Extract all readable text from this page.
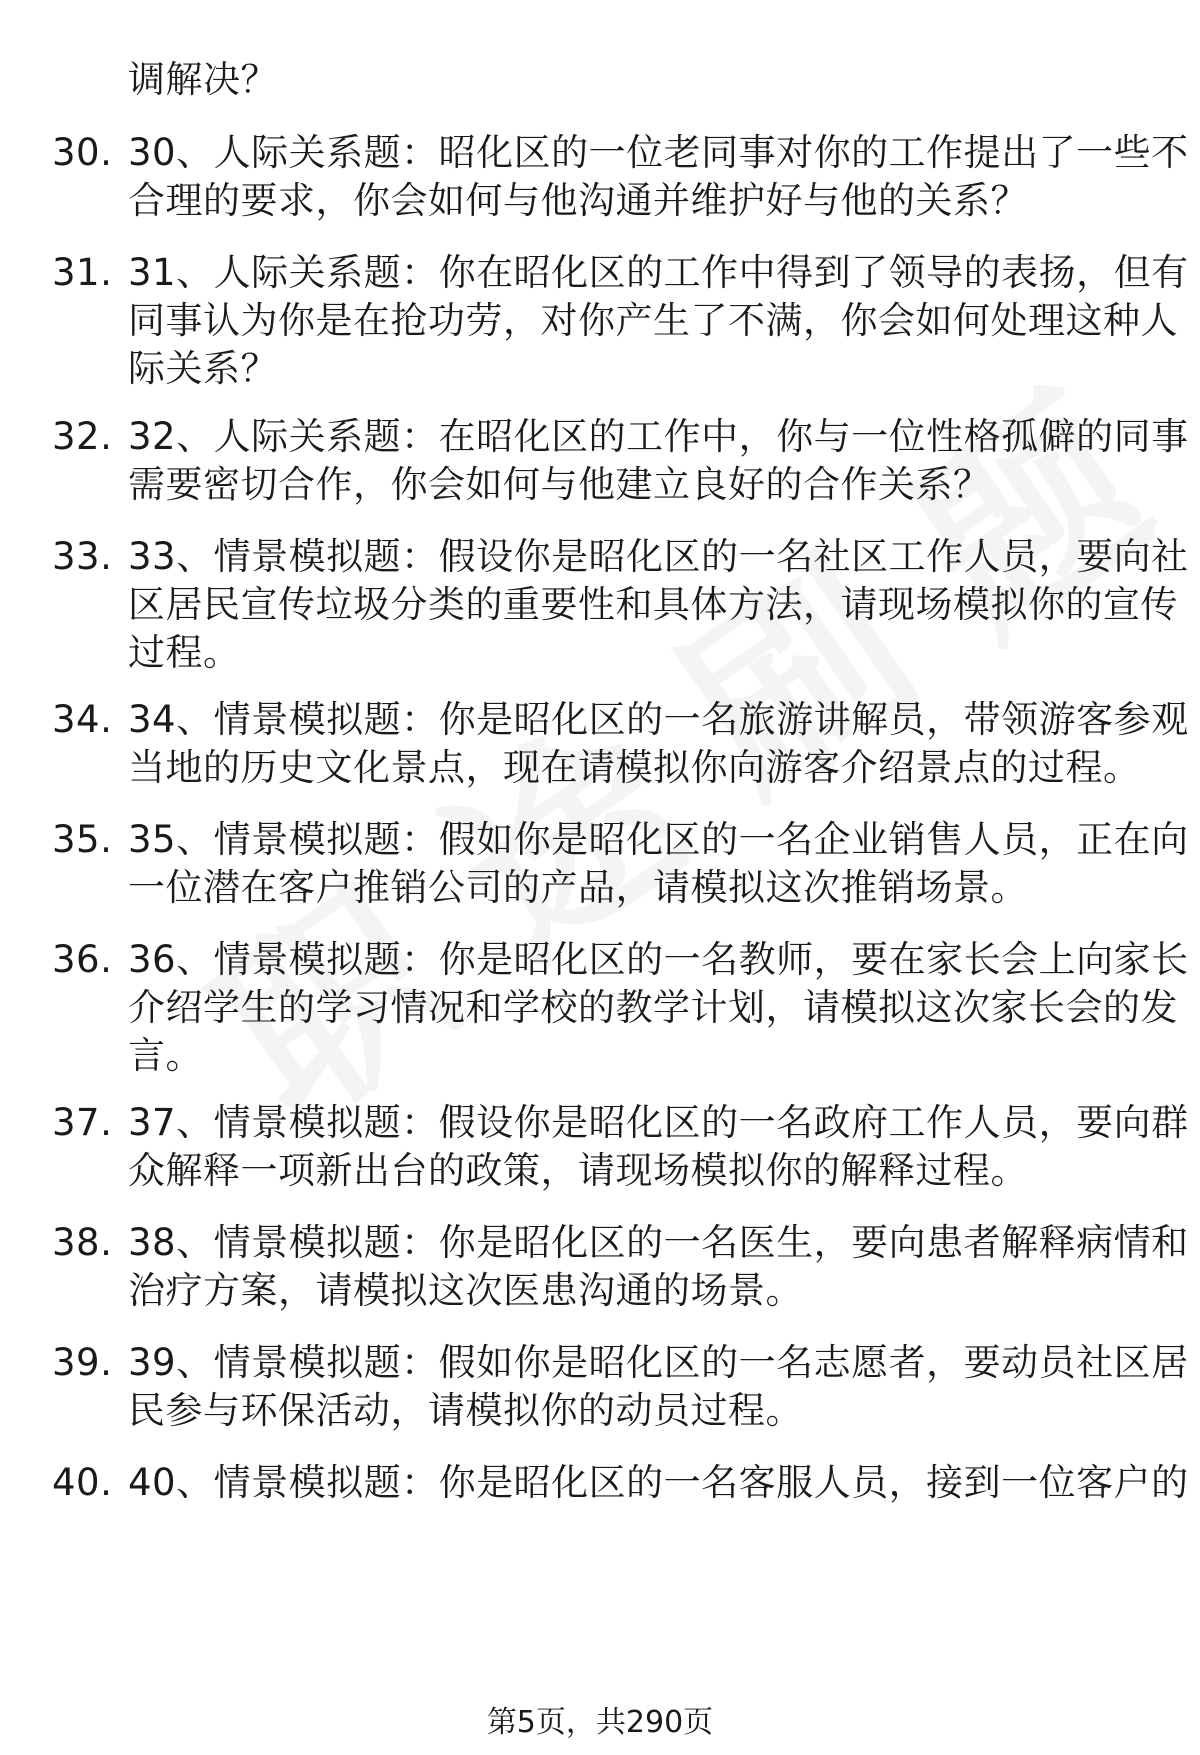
调解决？
30. 30、人际关系题：昭化区的一位老同事对你的工作提出了一些不
合理的要求，你会如何与他沟通并维护好与他的关系？
31. 31、人际关系题：你在昭化区的工作中得到了领导的表扬，但有
同事认为你是在抢功劳，对你产生了不满，你会如何处理这种人
际关系？
32. 32、人际关系题：在昭化区的工作中，你与一位性格孤僻的同事
需要密切合作，你会如何与他建立良好的合作关系？
33. 33、情景模拟题：假设你是昭化区的一名社区工作人员，要向社
区居民宣传垃圾分类的重要性和具体方法，请现场模拟你的宣传
过程。
34. 34、情景模拟题：你是昭化区的一名旅游讲解员，带领游客参观
当地的历史文化景点，现在请模拟你向游客介绍景点的过程。
35. 35、情景模拟题：假如你是昭化区的一名企业销售人员，正在向
一位潜在客户推销公司的产品，请模拟这次推销场景。
36. 36、情景模拟题：你是昭化区的一名教师，要在家长会上向家长
介绍学生的学习情况和学校的教学计划，请模拟这次家长会的发
言。
37. 37、情景模拟题：假设你是昭化区的一名政府工作人员，要向群
众解释一项新出台的政策，请现场模拟你的解释过程。
38. 38、情景模拟题：你是昭化区的一名医生，要向患者解释病情和
治疗方案，请模拟这次医患沟通的场景。
39. 39、情景模拟题：假如你是昭化区的一名志愿者，要动员社区居
民参与环保活动，请模拟你的动员过程。
40. 40、情景模拟题：你是昭化区的一名客服人员，接到一位客户的
第5页，共290页
